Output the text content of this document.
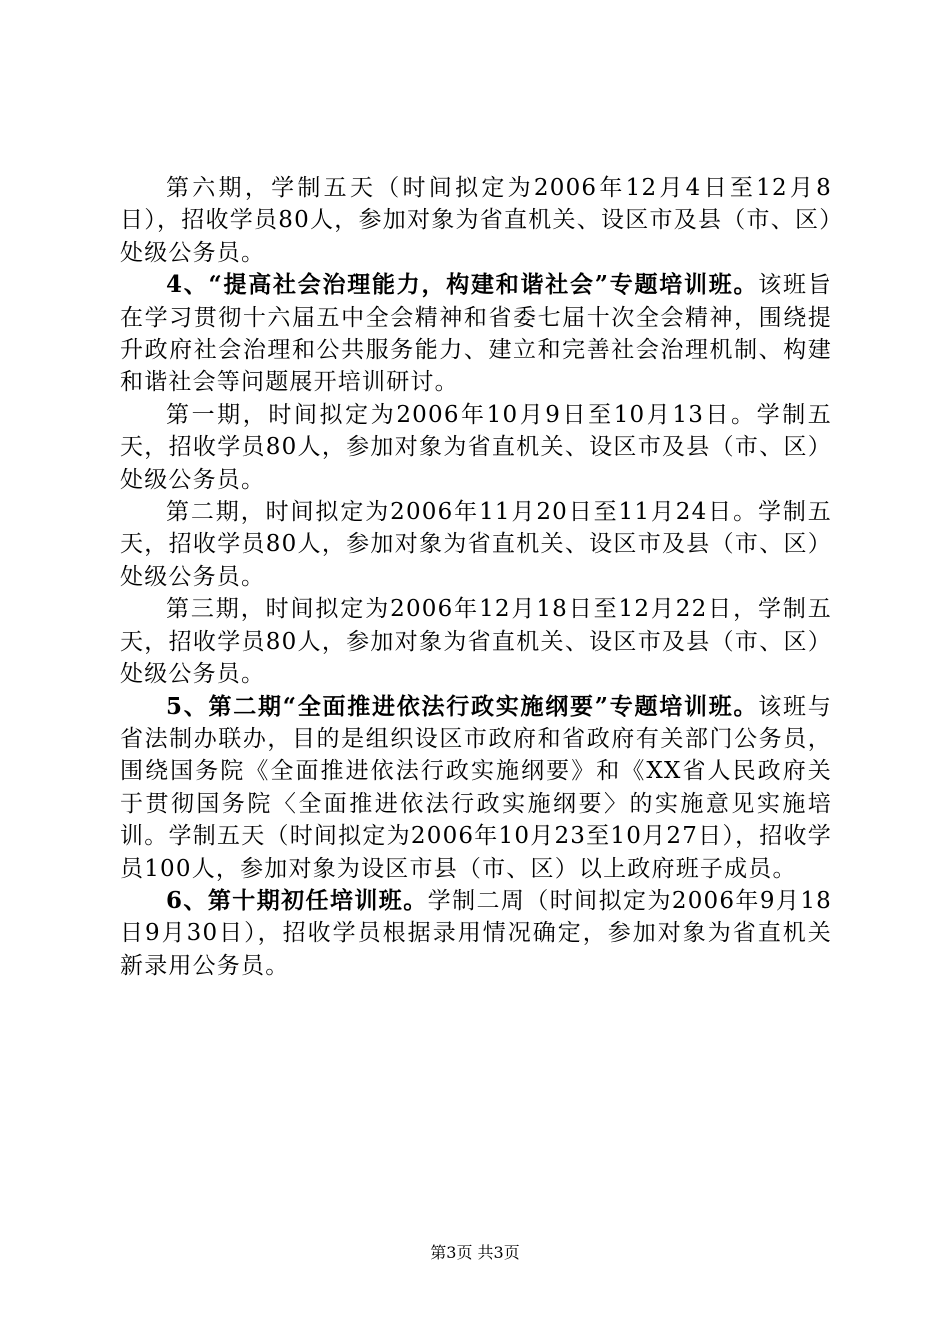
第六期，学制五天（时间拟定为2006年12月4日至12月8日），招收学员80人，参加对象为省直机关、设区市及县（市、区）处级公务员。

4、“提高社会治理能力，构建和谐社会”专题培训班。该班旨在学习贯彻十六届五中全会精神和省委七届十次全会精神，围绕提升政府社会治理和公共服务能力、建立和完善社会治理机制、构建和谐社会等问题展开培训研讨。

第一期，时间拟定为2006年10月9日至10月13日。学制五天，招收学员80人，参加对象为省直机关、设区市及县（市、区）处级公务员。

第二期，时间拟定为2006年11月20日至11月24日。学制五天，招收学员80人，参加对象为省直机关、设区市及县（市、区）处级公务员。

第三期，时间拟定为2006年12月18日至12月22日，学制五天，招收学员80人，参加对象为省直机关、设区市及县（市、区）处级公务员。

5、第二期“全面推进依法行政实施纲要”专题培训班。该班与省法制办联办，目的是组织设区市政府和省政府有关部门公务员，围绕国务院《全面推进依法行政实施纲要》和《XX省人民政府关于贯彻国务院〈全面推进依法行政实施纲要〉的实施意见实施培训。学制五天（时间拟定为2006年10月23至10月27日），招收学员100人，参加对象为设区市县（市、区）以上政府班子成员。

6、第十期初任培训班。学制二周（时间拟定为2006年9月18日9月30日），招收学员根据录用情况确定，参加对象为省直机关新录用公务员。

第3页 共3页
